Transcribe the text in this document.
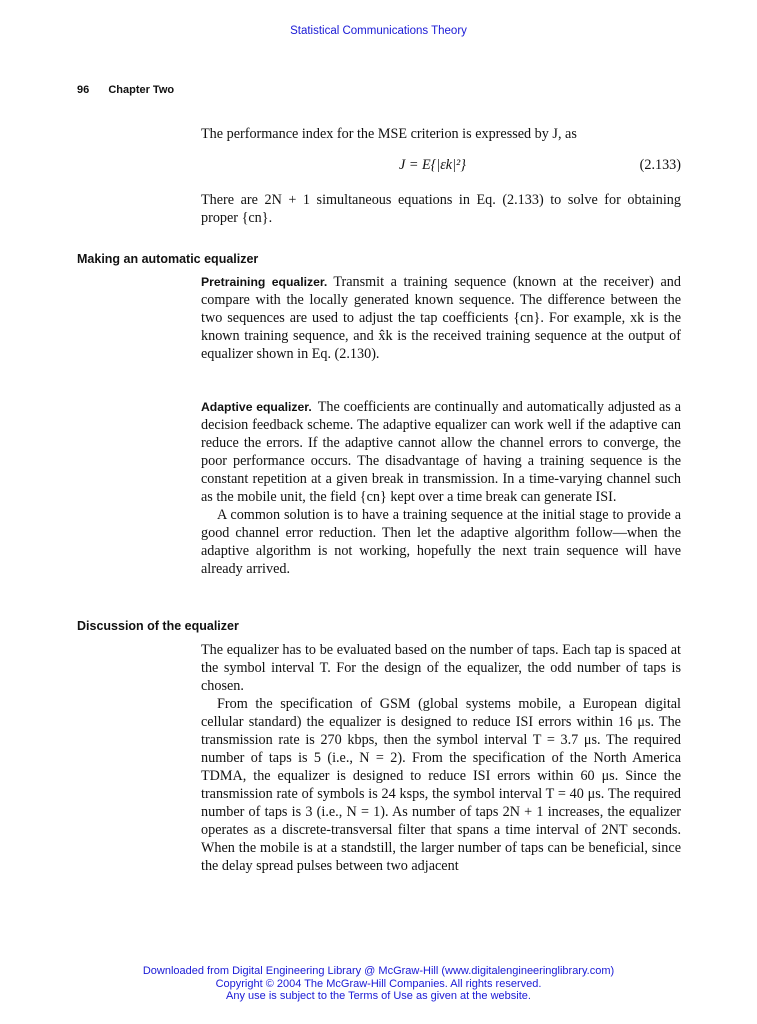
Statistical Communications Theory
96 Chapter Two

The performance index for the MSE criterion is expressed by J, as

J = E{|εk|²}	(2.133)

There are 2N + 1 simultaneous equations in Eq. (2.133) to solve for obtaining proper {cn}.

Making an automatic equalizer

Pretraining equalizer. Transmit a training sequence (known at the receiver) and compare with the locally generated known sequence. The difference between the two sequences are used to adjust the tap coefficients {cn}. For example, xk is the known training sequence, and x̂k is the received training sequence at the output of equalizer shown in Eq. (2.130).

Adaptive equalizer. The coefficients are continually and automatically adjusted as a decision feedback scheme. The adaptive equalizer can work well if the adaptive can reduce the errors. If the adaptive cannot allow the channel errors to converge, the poor performance occurs. The disadvantage of having a training sequence is the constant repetition at a given break in transmission. In a time-varying channel such as the mobile unit, the field {cn} kept over a time break can generate ISI.

A common solution is to have a training sequence at the initial stage to provide a good channel error reduction. Then let the adaptive algorithm follow—when the adaptive algorithm is not working, hopefully the next train sequence will have already arrived.

Discussion of the equalizer

The equalizer has to be evaluated based on the number of taps. Each tap is spaced at the symbol interval T. For the design of the equalizer, the odd number of taps is chosen.

From the specification of GSM (global systems mobile, a European digital cellular standard) the equalizer is designed to reduce ISI errors within 16 μs. The transmission rate is 270 kbps, then the symbol interval T = 3.7 μs. The required number of taps is 5 (i.e., N = 2). From the specification of the North America TDMA, the equalizer is designed to reduce ISI errors within 60 μs. Since the transmission rate of symbols is 24 ksps, the symbol interval T = 40 μs. The required number of taps is 3 (i.e., N = 1). As number of taps 2N + 1 increases, the equalizer operates as a discrete-transversal filter that spans a time interval of 2NT seconds. When the mobile is at a standstill, the larger number of taps can be beneficial, since the delay spread pulses between two adjacent

Downloaded from Digital Engineering Library @ McGraw-Hill (www.digitalengineeringlibrary.com)
Copyright © 2004 The McGraw-Hill Companies. All rights reserved.
Any use is subject to the Terms of Use as given at the website.
